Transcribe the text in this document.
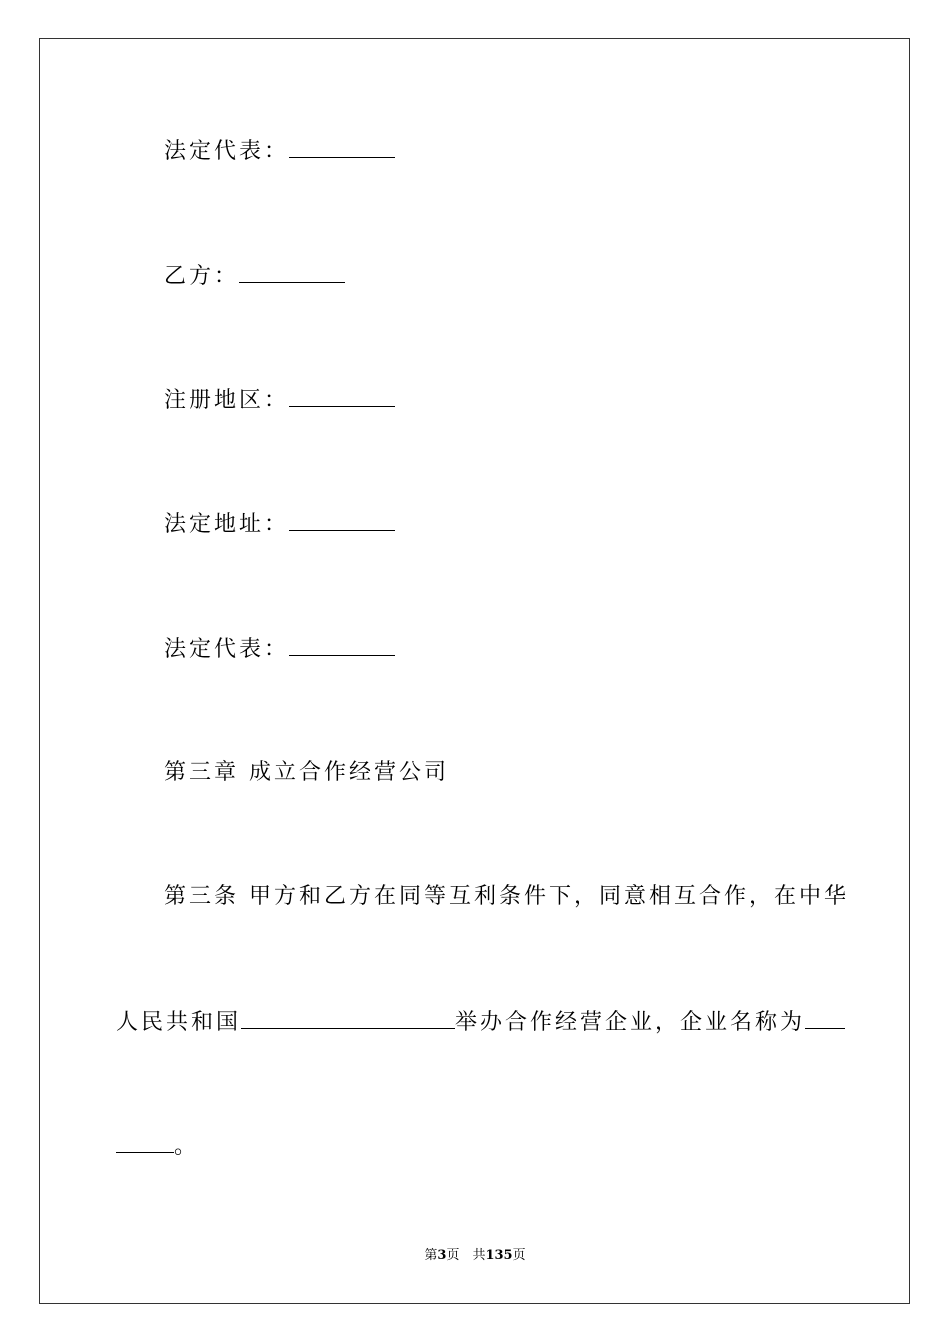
法定代表：
乙方：
注册地区：
法定地址：
法定代表：
第三章 成立合作经营公司
第三条 甲方和乙方在同等互利条件下，同意相互合作，在中华
人民共和国	举办合作经营企业，企业名称为
。
第3页　共135页
